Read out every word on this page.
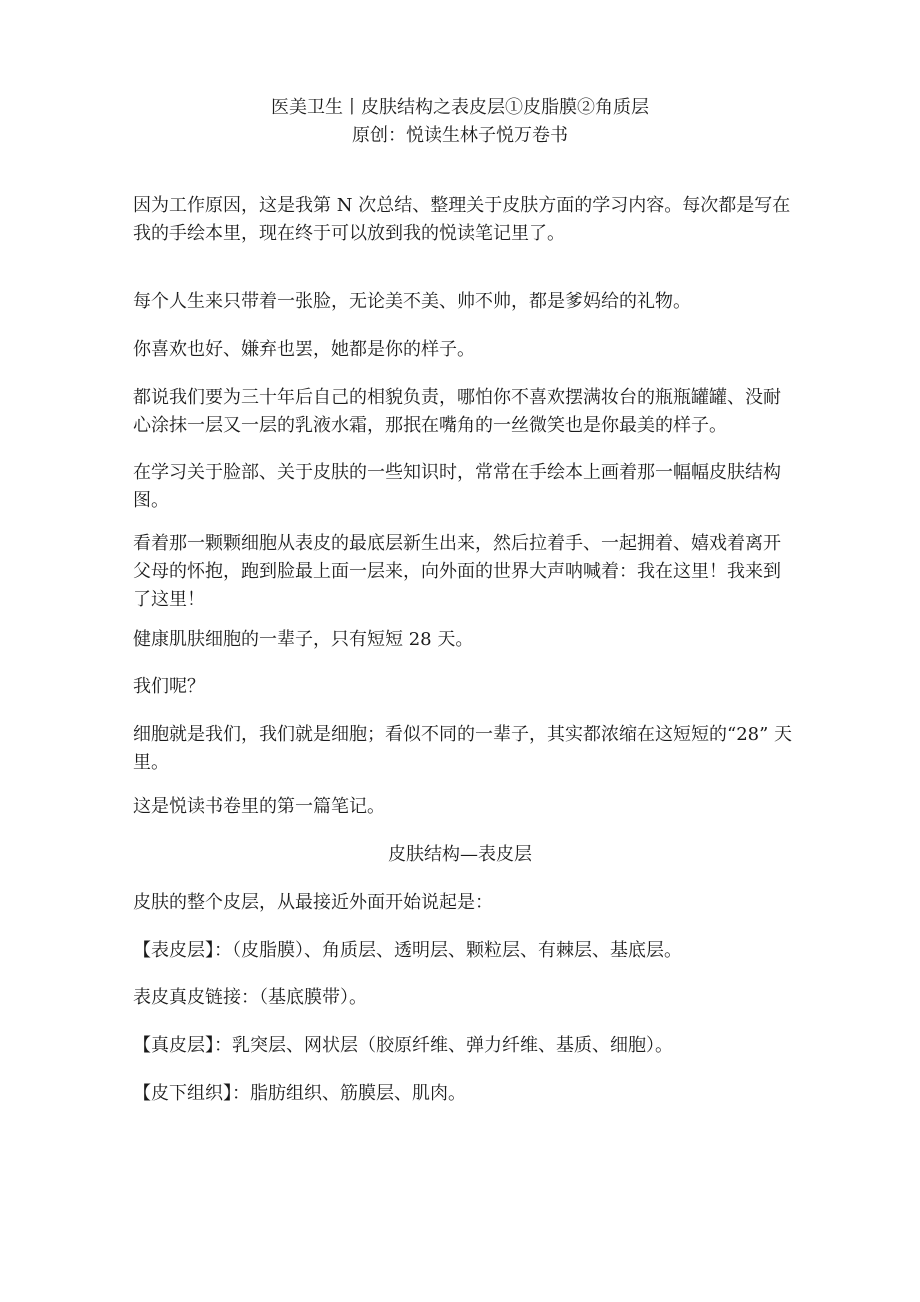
医美卫生丨皮肤结构之表皮层①皮脂膜②角质层
原创：悦读生林子悦万卷书

因为工作原因，这是我第 N 次总结、整理关于皮肤方面的学习内容。每次都是写在我的手绘本里，现在终于可以放到我的悦读笔记里了。

每个人生来只带着一张脸，无论美不美、帅不帅，都是爹妈给的礼物。

你喜欢也好、嫌弃也罢，她都是你的样子。

都说我们要为三十年后自己的相貌负责，哪怕你不喜欢摆满妆台的瓶瓶罐罐、没耐心涂抹一层又一层的乳液水霜，那抿在嘴角的一丝微笑也是你最美的样子。

在学习关于脸部、关于皮肤的一些知识时，常常在手绘本上画着那一幅幅皮肤结构图。

看着那一颗颗细胞从表皮的最底层新生出来，然后拉着手、一起拥着、嬉戏着离开父母的怀抱，跑到脸最上面一层来，向外面的世界大声呐喊着：我在这里！我来到了这里！

健康肌肤细胞的一辈子，只有短短 28 天。

我们呢？

细胞就是我们，我们就是细胞；看似不同的一辈子，其实都浓缩在这短短的“28” 天里。

这是悦读书卷里的第一篇笔记。

皮肤结构—表皮层

皮肤的整个皮层，从最接近外面开始说起是：

【表皮层】：（皮脂膜）、角质层、透明层、颗粒层、有棘层、基底层。

表皮真皮链接：（基底膜带）。

【真皮层】：乳突层、网状层（胶原纤维、弹力纤维、基质、细胞）。

【皮下组织】：脂肪组织、筋膜层、肌肉。
